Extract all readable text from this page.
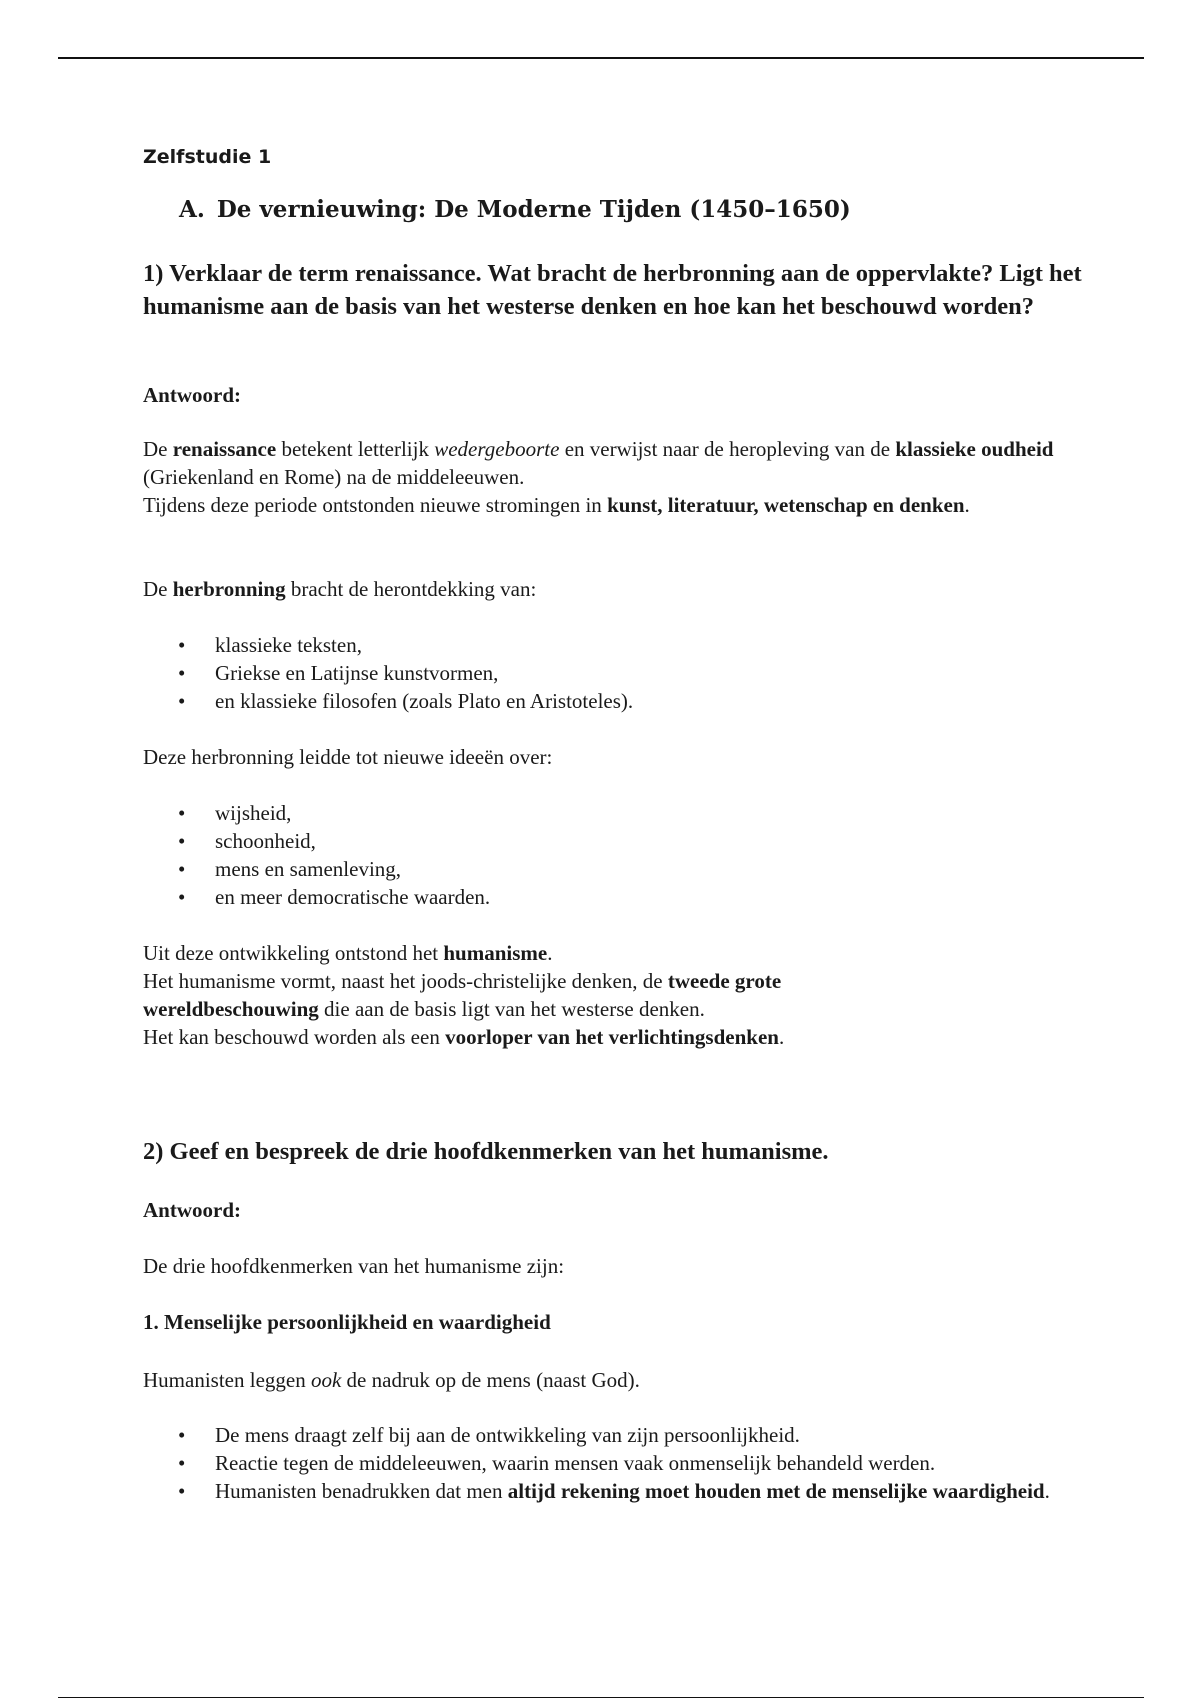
Zelfstudie 1
A. De vernieuwing: De Moderne Tijden (1450–1650)
1) Verklaar de term renaissance. Wat bracht de herbronning aan de oppervlakte? Ligt het humanisme aan de basis van het westerse denken en hoe kan het beschouwd worden?
Antwoord:
De renaissance betekent letterlijk wedergeboorte en verwijst naar de heropleving van de klassieke oudheid (Griekenland en Rome) na de middeleeuwen.
Tijdens deze periode ontstonden nieuwe stromingen in kunst, literatuur, wetenschap en denken.
De herbronning bracht de herontdekking van:
• klassieke teksten,
• Griekse en Latijnse kunstvormen,
• en klassieke filosofen (zoals Plato en Aristoteles).
Deze herbronning leidde tot nieuwe ideeën over:
• wijsheid,
• schoonheid,
• mens en samenleving,
• en meer democratische waarden.
Uit deze ontwikkeling ontstond het humanisme.
Het humanisme vormt, naast het joods-christelijke denken, de tweede grote wereldbeschouwing die aan de basis ligt van het westerse denken.
Het kan beschouwd worden als een voorloper van het verlichtingsdenken.
2) Geef en bespreek de drie hoofdkenmerken van het humanisme.
Antwoord:
De drie hoofdkenmerken van het humanisme zijn:
1. Menselijke persoonlijkheid en waardigheid
Humanisten leggen ook de nadruk op de mens (naast God).
• De mens draagt zelf bij aan de ontwikkeling van zijn persoonlijkheid.
• Reactie tegen de middeleeuwen, waarin mensen vaak onmenselijk behandeld werden.
• Humanisten benadrukken dat men altijd rekening moet houden met de menselijke waardigheid.
